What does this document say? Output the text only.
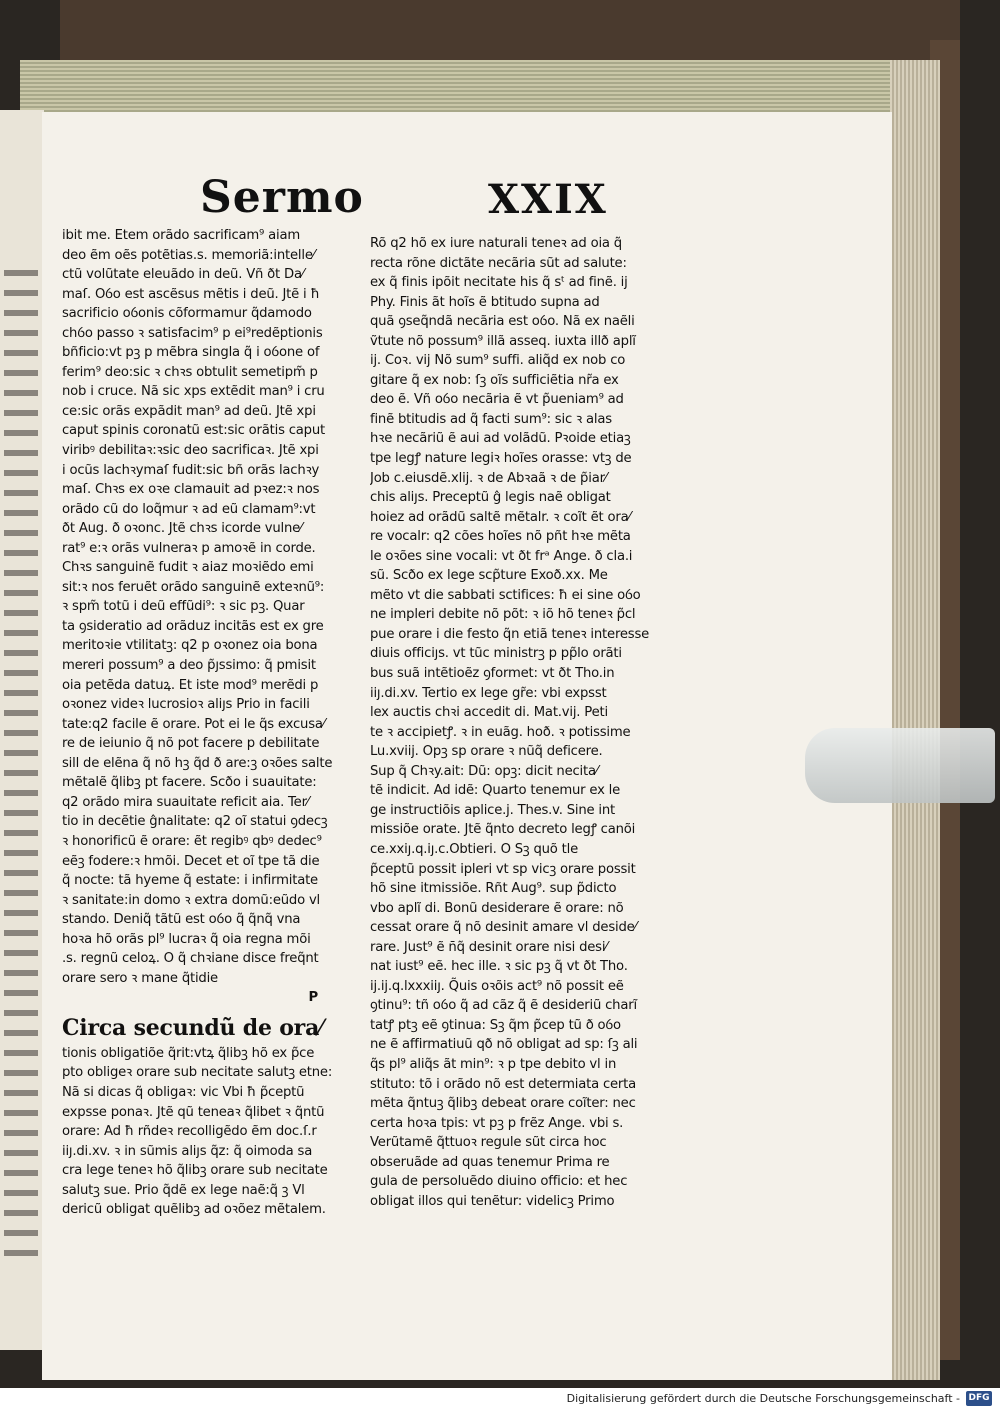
Sermo	XXIX
ibit me. Etem orãdo sacrificam⁹ aiam
deo ẽm oẽs potẽtias.s. memoriã:intelle⁄
ctũ volũtate eleuãdo in deũ. Vñ ðt Da⁄
maſ. Oỽo est ascẽsus mẽtis i deũ. Jtẽ i ħ
sacrificio oỽonis cõformamur q̃damodo
chỽo passo ꝛ satisfacim⁹ p ei⁹redẽptionis
bñficio:vt pꝫ p mẽbra singla q̃ i oỽone of
ferim⁹ deo:sic ꝛ chꝛs obtulit semetipm̃ p
nob i cruce. Nã sic xps extẽdit man⁹ i cru
ce:sic orãs expãdit man⁹ ad deũ. Jtẽ xpi
caput spinis coronatũ est:sic orãtis caput
viribꝰ debilitaꝛ:ꝛsic deo sacrificaꝛ. Jtẽ xpi
i ocũs lachꝛymaſ fudit:sic bñ orãs lachꝛy
maſ. Chꝛs ex oꝛe clamauit ad pꝛez:ꝛ nos
orãdo cũ do loq̃mur ꝛ ad eũ clamam⁹:vt
ðt Aug. ð oꝛonc. Jtẽ chꝛs icorde vulne⁄
rat⁹ e:ꝛ orãs vulneraꝛ p amoꝛẽ in corde.
Chꝛs sanguinẽ fudit ꝛ aiaz moꝛiẽdo emi
sit:ꝛ nos feruẽt orãdo sanguinẽ exteꝛnũ⁹:
ꝛ spm̃ totũ i deũ effũdi⁹: ꝛ sic pꝫ. Quar
ta ꝯsideratio ad orãduz incitãs est ex gre
meritoꝛie vtilitatꝫ: q2 p oꝛonez oia bona
mereri possum⁹ a deo p̃ȷssimo: q̃ pmisit
oia petẽda datuꝝ. Et iste mod⁹ merẽdi p
oꝛonez videꝛ lucrosioꝛ aliȷs Prio in facili
tate:q2 facile ẽ orare. Pot ei le q̃s excusa⁄
re de ieiunio q̃ nõ pot facere p debilitate
sill de elẽna q̃ nõ hꝫ q̃d ð are:ꝫ oꝛões salte
mẽtalẽ q̃libꝫ pt facere. Scðo i suauitate:
q2 orãdo mira suauitate reficit aia. Ter⁄
tio in decẽtie ĝnalitate: q2 oĩ statui ꝯdecꝫ
ꝛ honorificũ ẽ orare: ẽt regibꝰ qbꝰ dedec⁹
eẽꝫ fodere:ꝛ hmõi. Decet et oĩ tpe tã die
q̃ nocte: tã hyeme q̃ estate: i infirmitate
ꝛ sanitate:in domo ꝛ extra domũ:eũdo vl
stando. Deniq̃ tãtũ est oỽo q̃ q̃nq̃ vna
hoꝛa hõ orãs pl⁹ lucraꝛ q̃ oia regna mõi
.s. regnũ celoꝝ. O q̃ chꝛiane disce freq̃nt
orare sero ꝛ mane q̃tidie
P
Circa secundũ de ora⁄
tionis obligatiõe q̃rit:vtꝝ q̃libꝫ hõ ex p̃ce
pto obligeꝛ orare sub necitate salutꝫ etne:
Nã si dicas q̃ obligaꝛ: vic Vbi ħ p̃ceptũ
expsse ponaꝛ. Jtẽ qũ teneaꝛ q̃libet ꝛ q̃ntũ
orare: Ad ħ rñdeꝛ recolligẽdo ẽm doc.ſ.r
iiȷ.di.xv. ꝛ in sũmis aliȷs q̃z: q̃ oimoda sa
cra lege teneꝛ hõ q̃libꝫ orare sub necitate
salutꝫ sue. Prio q̃dẽ ex lege naẽ:q̃ ꝫ Vl
dericũ obligat quẽlibꝫ ad oꝛõez mẽtalem.
Rõ q2 hõ ex iure naturali teneꝛ ad oia q̃
recta rõne dictãte necãria sũt ad salute:
ex q̃ finis ipõit necitate his q̃ sᵗ ad finẽ. ij
Phy. Finis ãt hoĩs ẽ btitudo supna ad
quã ꝯseq̃ndã necãria est oỽo. Nã ex naẽli
ṽtute nõ possum⁹ illã asseq. iuxta illð aplĩ
ij. Coꝛ. vij Nõ sum⁹ suffi. aliq̃d ex nob co
gitare q̃ ex nob: ſꝫ oĩs sufficiẽtia nr̃a ex
deo ẽ. Vñ oỽo necãria ẽ vt p̃ueniam⁹ ad
finẽ btitudis ad q̃ facti sum⁹: sic ꝛ alas
hꝛe necãriũ ẽ aui ad volãdũ. Pꝛoide etiaꝫ
tpe legꝭ nature legiꝛ hoĩes orasse: vtꝫ de
Job c.eiusdẽ.xlij. ꝛ de Abꝛaã ꝛ de p̃iar⁄
chis aliȷs. Preceptũ ĝ legis naẽ obligat
hoiez ad orãdũ saltẽ mẽtalr. ꝛ coĩt ẽt ora⁄
re vocalr: q2 cões hoĩes nõ pñt hꝛe mẽta
le oꝛões sine vocali: vt ðt frᵃ Ange. ð cla.i
sũ. Scðo ex lege scp̃ture Exoð.xx. Me
mẽto vt die sabbati sctifices: ħ ei sine oỽo
ne impleri debite nõ põt: ꝛ iõ hõ teneꝛ p̃cl
pue orare i die festo q̃n etiã teneꝛ interesse
diuis officiȷs. vt tũc ministrꝫ p pp̃lo orãti
bus suã intẽtioẽz ꝯformet: vt ðt Tho.in
iiȷ.di.xv. Tertio ex lege gr̃e: vbi expsst
lex auctis chꝛi accedit di. Mat.vij. Peti
te ꝛ accipietꝭ. ꝛ in euãg. hoð. ꝛ potissime
Lu.xviij. Opꝫ sp orare ꝛ nũq̃ deficere.
Sup q̃ Chꝛy.ait: Dũ: opꝫ: dicit necita⁄
tẽ indicit. Ad idẽ: Quarto tenemur ex le
ge instructiõis aplice.j. Thes.v. Sine int
missiõe orate. Jtẽ q̃nto decreto legꝭ canõi
ce.xxiȷ.q.iȷ.c.Obtieri. O Sꝫ quõ tle
p̃ceptũ possit ipleri vt sp vicꝫ orare possit
hõ sine itmissiõe. Rñt Aug⁹. sup p̃dicto
vbo aplĩ di. Bonũ desiderare ẽ orare: nõ
cessat orare q̃ nõ desinit amare vl deside⁄
rare. Just⁹ ẽ n̄q̃ desinit orare nisi desi⁄
nat iust⁹ eẽ. hec ille. ꝛ sic pꝫ q̃ vt ðt Tho.
ij.ij.q.lxxxiiȷ. Q̃uis oꝛõis act⁹ nõ possit eẽ
ꝯtinu⁹: tñ oỽo q̃ ad cãz q̃ ẽ desideriũ charĩ
tatꝭ ptꝫ eẽ ꝯtinua: Sꝫ q̃m p̃cep tũ ð oỽo
ne ẽ affirmatiuũ qð nõ obligat ad sp: ſꝫ ali
q̃s pl⁹ aliq̃s ãt min⁹: ꝛ p tpe debito vl in
stituto: tõ i orãdo nõ est determiata certa
mẽta q̃ntuꝫ q̃libꝫ debeat orare coĩter: nec
certa hoꝛa tpis: vt pꝫ p frẽz Ange. vbi s.
Verũtamẽ q̃ttuoꝛ regule sũt circa hoc
obseruãde ad quas tenemur Prima re
gula de persoluẽdo diuino officio: et hec
obligat illos qui tenẽtur: videlicꝫ Primo
Digitalisierung gefördert durch die Deutsche Forschungsgemeinschaft - DFG
